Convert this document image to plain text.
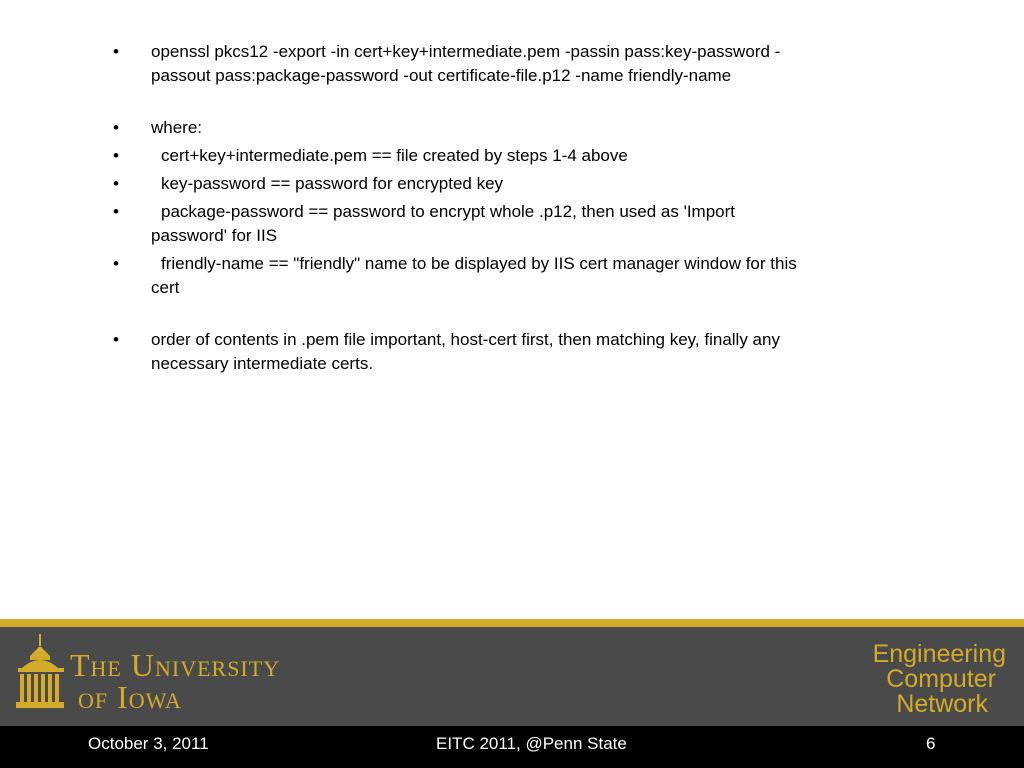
• openssl pkcs12 -export -in cert+key+intermediate.pem -passin pass:key-password -
passout pass:package-password -out certificate-file.p12 -name friendly-name
• where:
• cert+key+intermediate.pem == file created by steps 1-4 above
• key-password == password for encrypted key
•	package-password == password to encrypt whole .p12, then used as 'Import
password' for IIS
•	friendly-name == "friendly" name to be displayed by IIS cert manager window for this
cert
• order of contents in .pem file important, host-cert first, then matching key, finally any
necessary intermediate certs.
The University
of Iowa
Engineering
Computer
Network
October 3, 2011	EITC 2011, @Penn State	6
